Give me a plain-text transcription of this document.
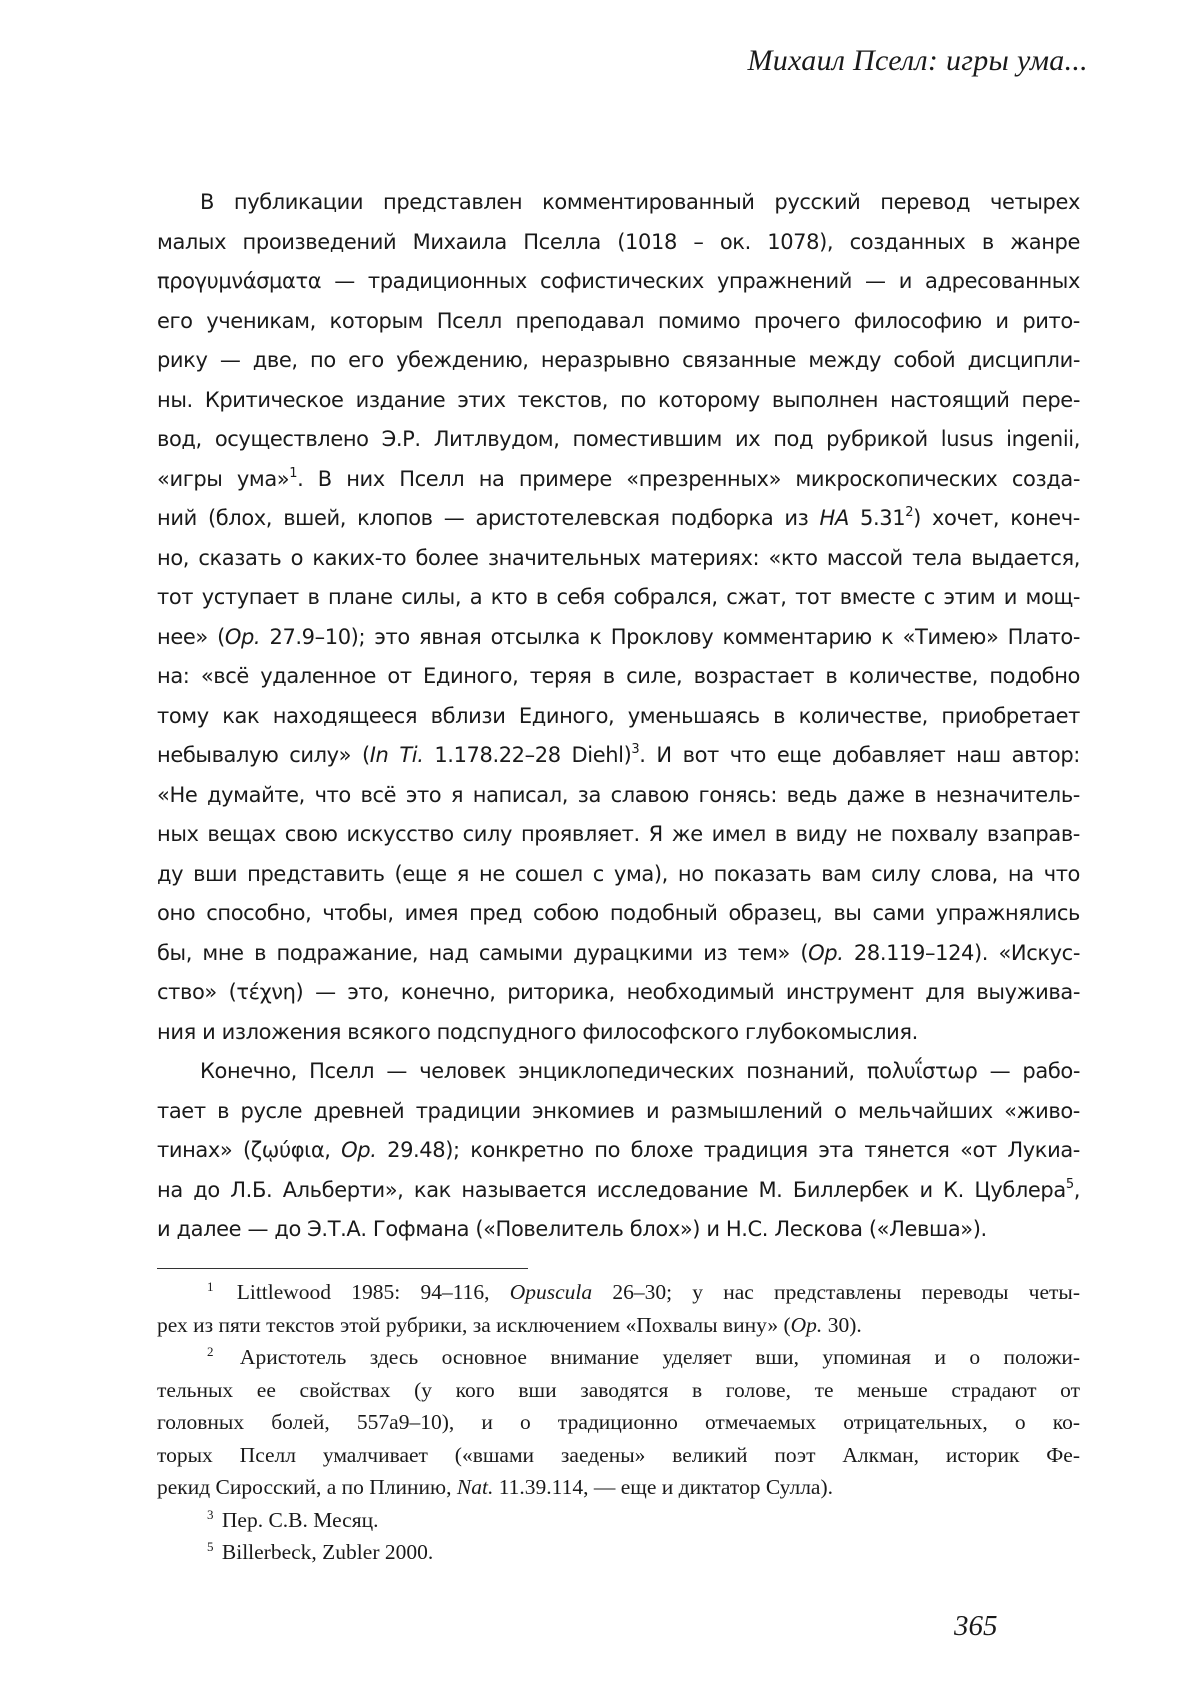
Михаил Пселл: игры ума...
В публикации представлен комментированный русский перевод четырех
малых произведений Михаила Пселла (1018 – ок. 1078), созданных в жанре
προγυμνάσματα — традиционных софистических упражнений — и адресованных
его ученикам, которым Пселл преподавал помимо прочего философию и рито-
рику — две, по его убеждению, неразрывно связанные между собой дисципли-
ны. Критическое издание этих текстов, по которому выполнен настоящий пере-
вод, осуществлено Э.Р. Литлвудом, поместившим их под рубрикой lusus ingenii,
«игры ума»$^1$. В них Пселл на примере «презренных» микроскопических созда-
ний (блох, вшей, клопов — аристотелевская подборка из HA 5.31$^2$) хочет, конеч-
но, сказать о каких-то более значительных материях: «кто массой тела выдается,
тот уступает в плане силы, а кто в себя собрался, сжат, тот вместе с этим и мощ-
нее» (Op. 27.9–10); это явная отсылка к Проклову комментарию к «Тимею» Плато-
на: «всё удаленное от Единого, теряя в силе, возрастает в количестве, подобно
тому как находящееся вблизи Единого, уменьшаясь в количестве, приобретает
небывалую силу» (In Ti. 1.178.22–28 Diehl)$^3$. И вот что еще добавляет наш автор:
«Не думайте, что всё это я написал, за славою гонясь: ведь даже в незначитель-
ных вещах свою искусство силу проявляет. Я же имел в виду не похвалу взаправ-
ду вши представить (еще я не сошел с ума), но показать вам силу слова, на что
оно способно, чтобы, имея пред собою подобный образец, вы сами упражнялись
бы, мне в подражание, над самыми дурацкими из тем» (Op. 28.119–124). «Искус-
ство» (τέχνη) — это, конечно, риторика, необходимый инструмент для выужива-
ния и изложения всякого подспудного философского глубокомыслия.
Конечно, Пселл — человек энциклопедических познаний, πολυΐστωρ — рабо-
тает в русле древней традиции энкомиев и размышлений о мельчайших «живо-
тинах» (ζῳύφια, Op. 29.48); конкретно по блохе традиция эта тянется «от Лукиа-
на до Л.Б. Альберти», как называется исследование М. Биллербек и К. Цублера$^5$,
и далее — до Э.Т.А. Гофмана («Повелитель блох») и Н.С. Лескова («Левша»).
$^1$ Littlewood 1985: 94–116, Opuscula 26–30; у нас представлены переводы четы-
рех из пяти текстов этой рубрики, за исключением «Похвалы вину» (Op. 30).
$^2$ Аристотель здесь основное внимание уделяет вши, упоминая и о положи-
тельных ее свойствах (у кого вши заводятся в голове, те меньше страдают от
головных болей, 557a9–10), и о традиционно отмечаемых отрицательных, о ко-
торых Пселл умалчивает («вшами заедены» великий поэт Алкман, историк Фе-
рекид Сиросский, а по Плинию, Nat. 11.39.114, — еще и диктатор Сулла).
$^3$ Пер. С.В. Месяц.
$^5$ Billerbeck, Zubler 2000.
365
